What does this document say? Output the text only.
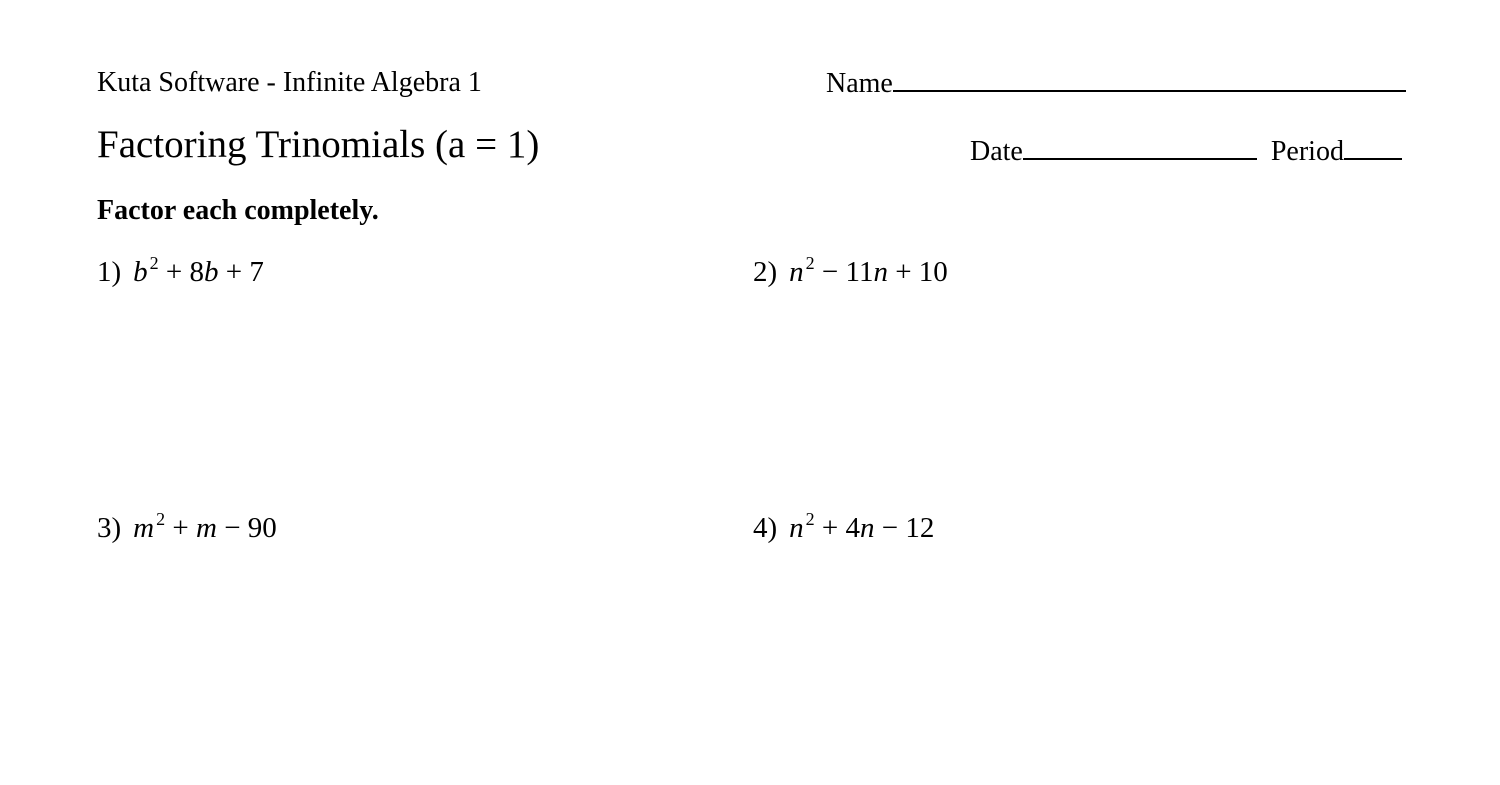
Kuta Software - Infinite Algebra 1	Name
Factoring Trinomials (a = 1)	Date	Period
Factor each completely.
1) b $^2$ + 8b + 7	2) n $^2$ − 11n + 10
3) m $^2$ + m − 90	4) n $^2$ + 4n − 12
